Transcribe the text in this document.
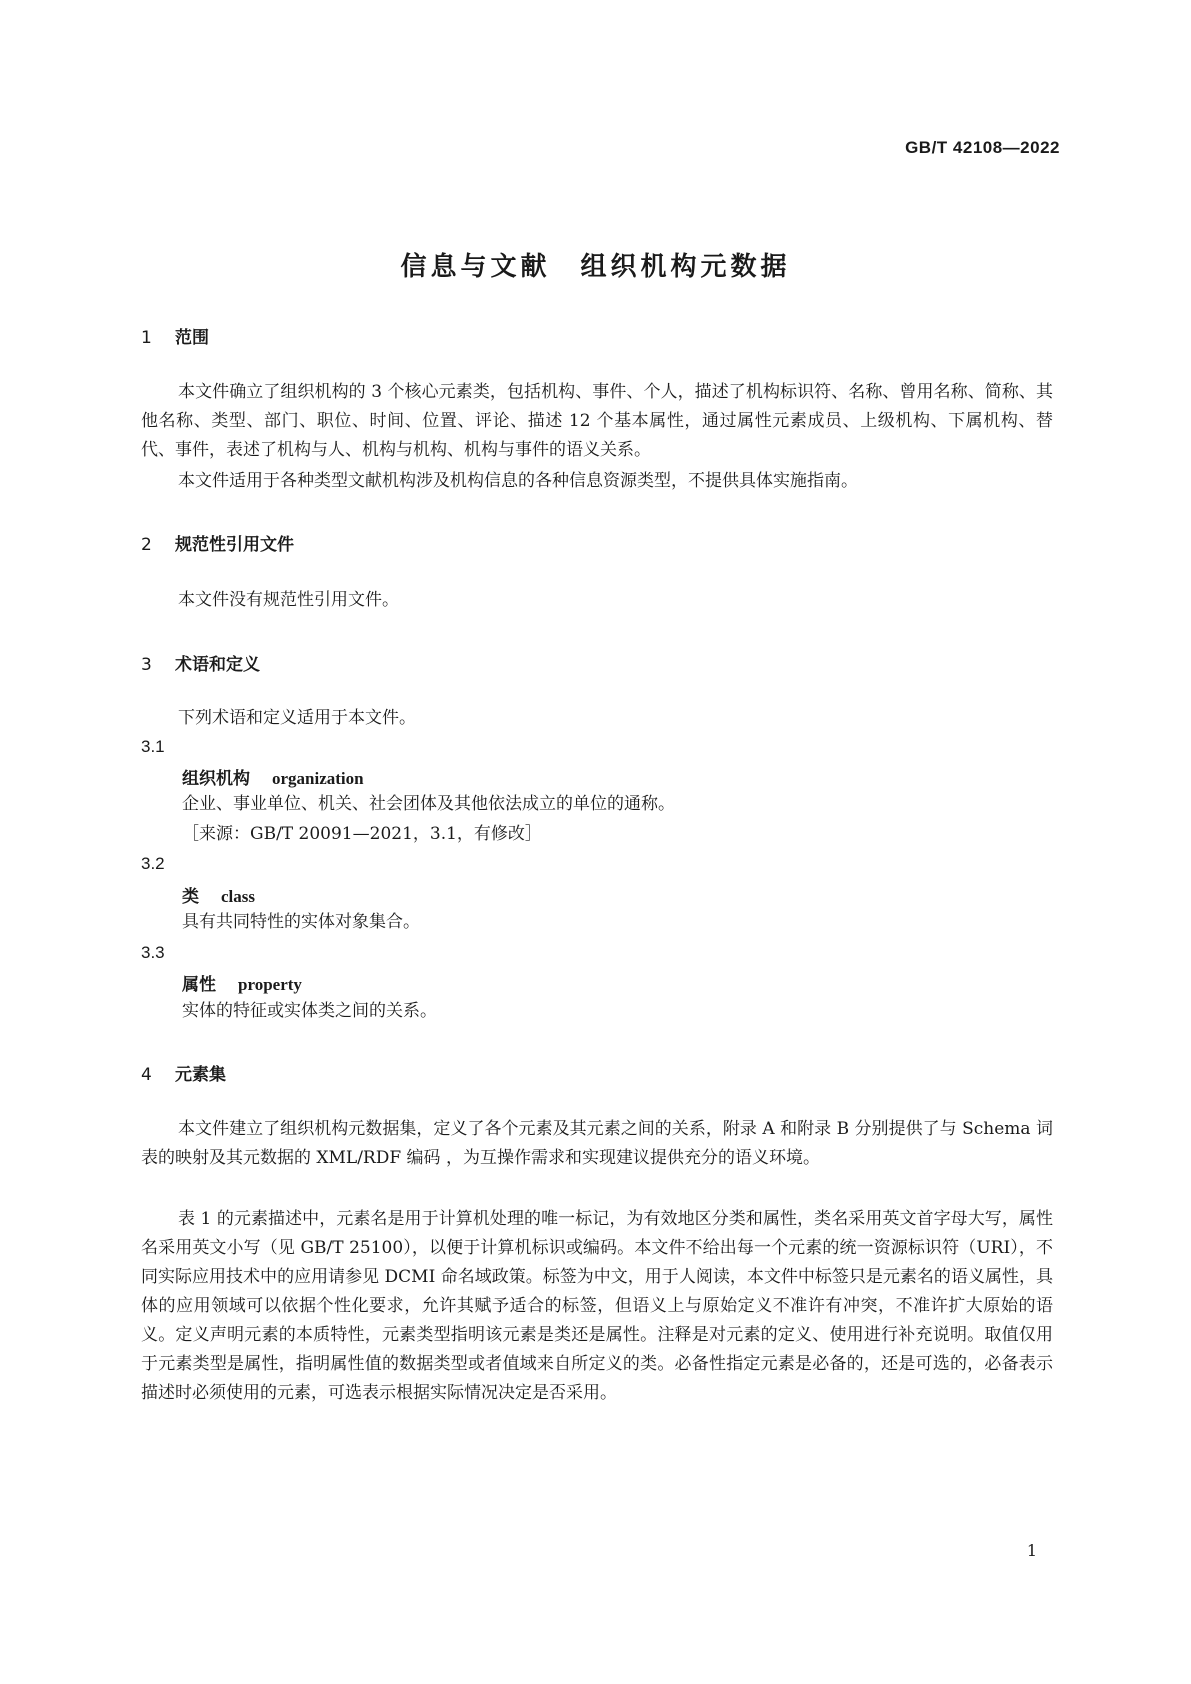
GB/T 42108—2022
信息与文献　组织机构元数据
1 范围
本文件确立了组织机构的 3 个核心元素类，包括机构、事件、个人，描述了机构标识符、名称、曾用名称、简称、其他名称、类型、部门、职位、时间、位置、评论、描述 12 个基本属性，通过属性元素成员、上级机构、下属机构、替代、事件，表述了机构与人、机构与机构、机构与事件的语义关系。
本文件适用于各种类型文献机构涉及机构信息的各种信息资源类型，不提供具体实施指南。
2 规范性引用文件
本文件没有规范性引用文件。
3 术语和定义
下列术语和定义适用于本文件。
3.1
组织机构 organization
企业、事业单位、机关、社会团体及其他依法成立的单位的通称。
［来源：GB/T 20091—2021，3.1，有修改］
3.2
类 class
具有共同特性的实体对象集合。
3.3
属性 property
实体的特征或实体类之间的关系。
4 元素集
本文件建立了组织机构元数据集，定义了各个元素及其元素之间的关系，附录 A 和附录 B 分别提供了与 Schema 词表的映射及其元数据的 XML/RDF 编码 ，为互操作需求和实现建议提供充分的语义环境。
表 1 的元素描述中，元素名是用于计算机处理的唯一标记，为有效地区分类和属性，类名采用英文首字母大写，属性名采用英文小写（见 GB/T 25100），以便于计算机标识或编码。本文件不给出每一个元素的统一资源标识符（URI），不同实际应用技术中的应用请参见 DCMI 命名域政策。标签为中文，用于人阅读，本文件中标签只是元素名的语义属性，具体的应用领域可以依据个性化要求，允许其赋予适合的标签，但语义上与原始定义不准许有冲突，不准许扩大原始的语义。定义声明元素的本质特性，元素类型指明该元素是类还是属性。注释是对元素的定义、使用进行补充说明。取值仅用于元素类型是属性，指明属性值的数据类型或者值域来自所定义的类。必备性指定元素是必备的，还是可选的，必备表示描述时必须使用的元素，可选表示根据实际情况决定是否采用。
1
